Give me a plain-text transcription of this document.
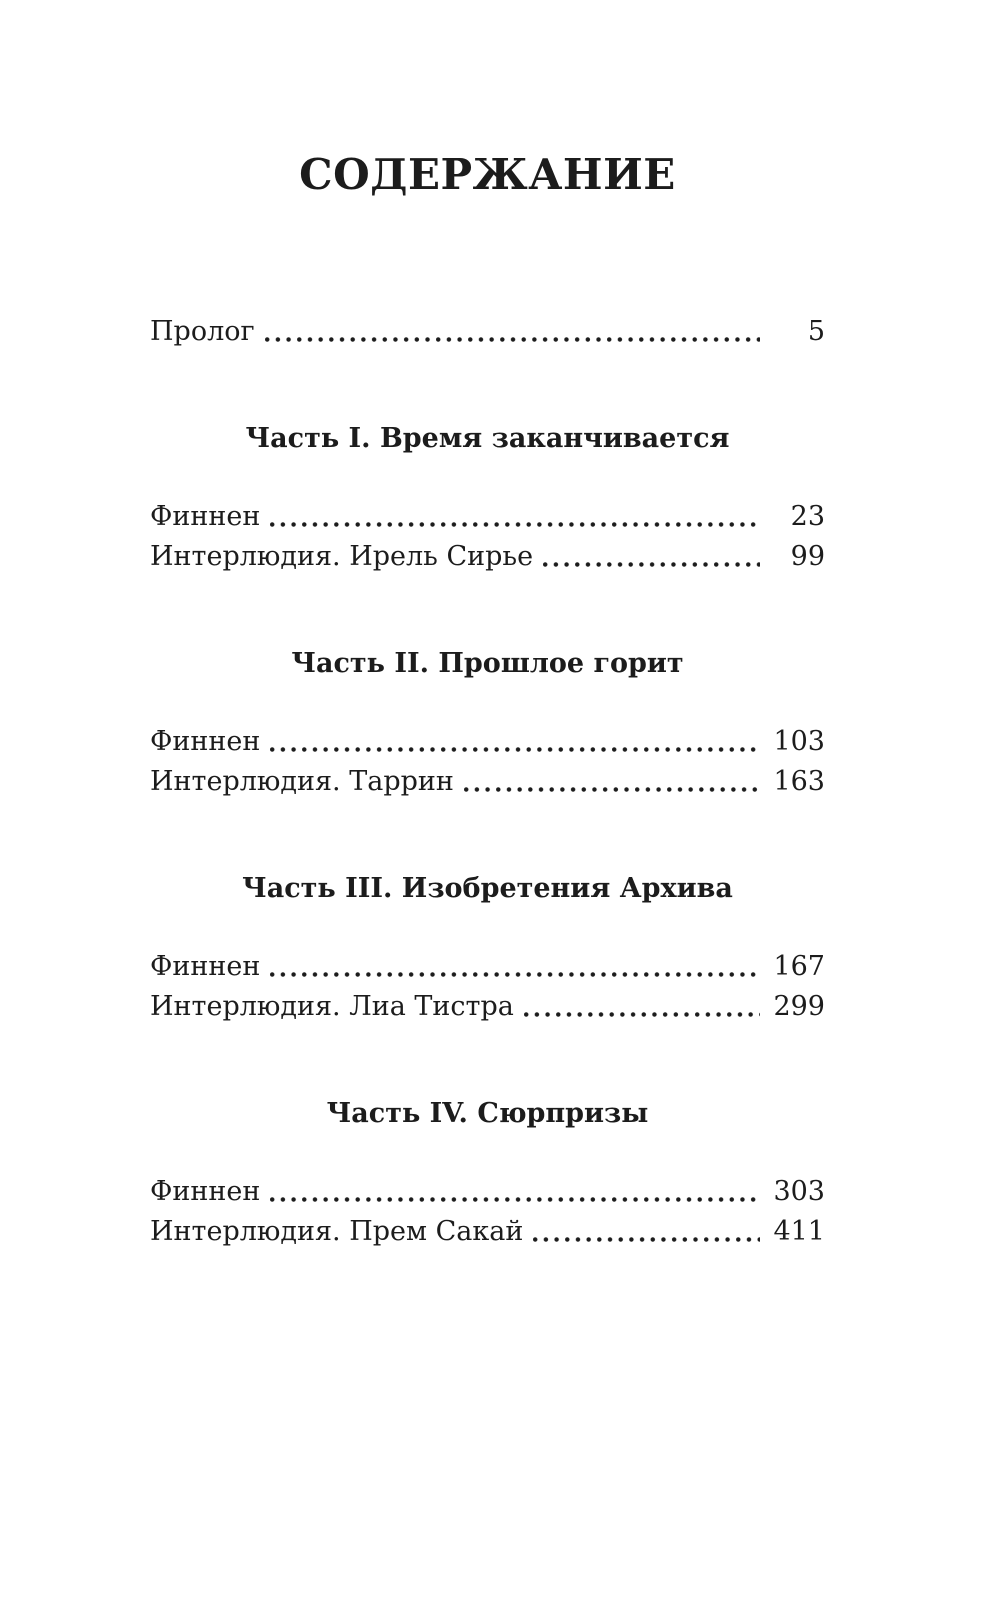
СОДЕРЖАНИЕ
Пролог	5
Часть I. Время заканчивается
Финнен	23
Интерлюдия. Ирель Сирье	99
Часть II. Прошлое горит
Финнен	103
Интерлюдия. Таррин	163
Часть III. Изобретения Архива
Финнен	167
Интерлюдия. Лиа Тистра	299
Часть IV. Сюрпризы
Финнен	303
Интерлюдия. Прем Сакай	411
